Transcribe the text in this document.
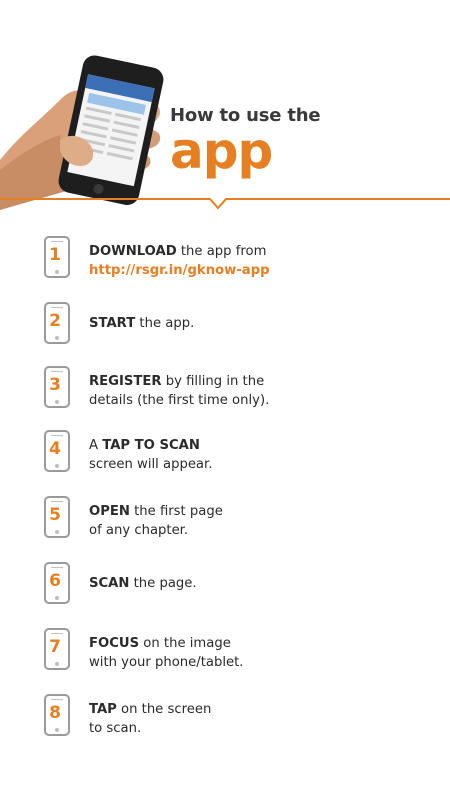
How to use the
app
1	DOWNLOAD the app from
http://rsgr.in/gknow-app
2	START the app.
3	REGISTER by filling in the
details (the first time only).
4	A TAP TO SCAN
screen will appear.
5	OPEN the first page
of any chapter.
6	SCAN the page.
7	FOCUS on the image
with your phone/tablet.
8	TAP on the screen
to scan.
